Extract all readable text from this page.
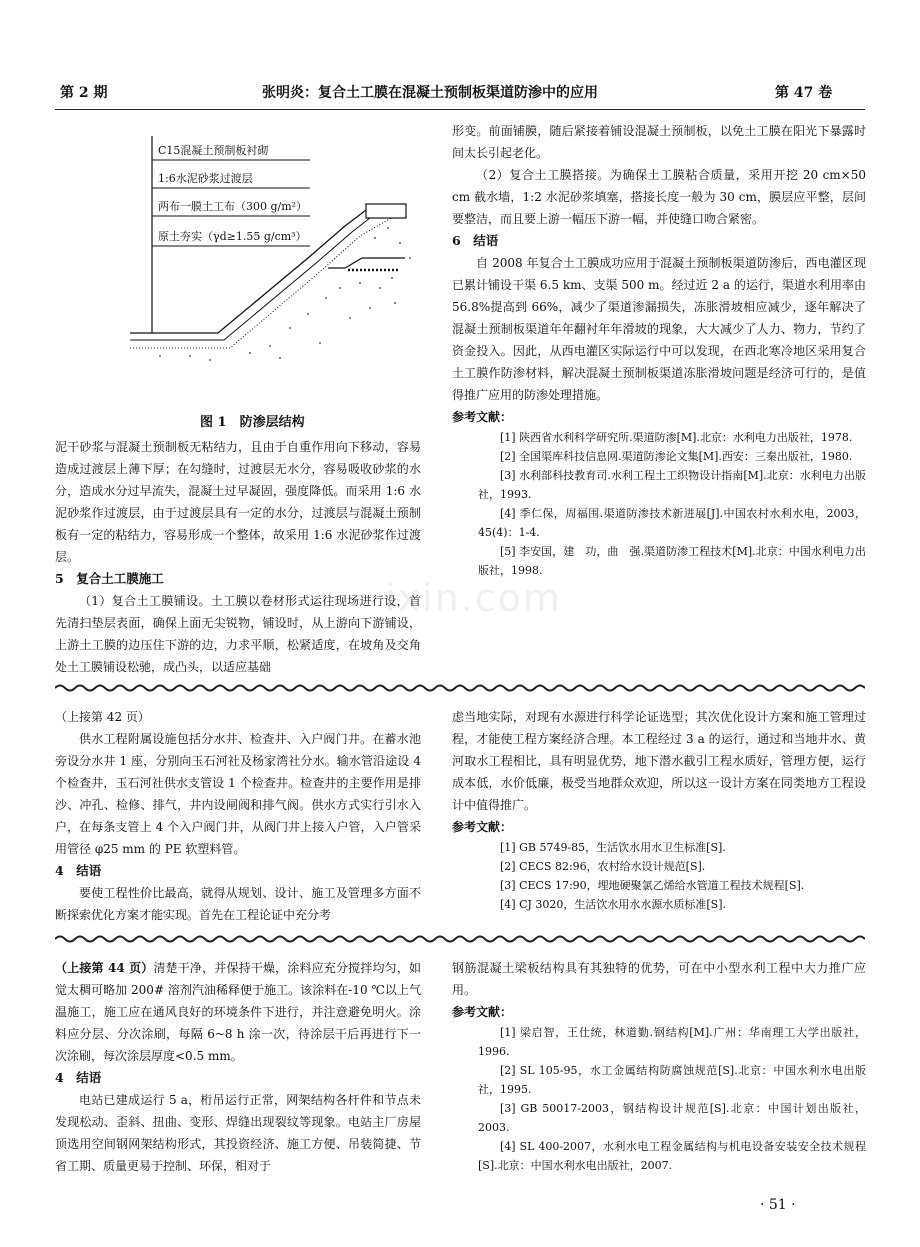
第 2 期	张明炎：复合土工膜在混凝土预制板渠道防渗中的应用	第 47 卷
C15混凝土预制板衬砌
1:6水泥砂浆过渡层
两布一膜土工布（300 g/m²）
原土夯实（γd≥1.55 g/cm³）
图 1　防渗层结构

泥干砂浆与混凝土预制板无粘结力，且由于自重作用向下移动，容易造成过渡层上薄下厚；在勾缝时，过渡层无水分，容易吸收砂浆的水分，造成水分过早流失，混凝土过早凝固，强度降低。而采用 1:6 水泥砂浆作过渡层，由于过渡层具有一定的水分，过渡层与混凝土预制板有一定的粘结力，容易形成一个整体，故采用 1:6 水泥砂浆作过渡层。

5　复合土工膜施工

（1）复合土工膜铺设。土工膜以卷材形式运往现场进行设，首先清扫垫层表面，确保上面无尖锐物，铺设时，从上游向下游铺设，上游土工膜的边压住下游的边，力求平顺，松紧适度，在坡角及交角处土工膜铺设松驰，成凸头，以适应基础

形变。前面铺膜，随后紧接着铺设混凝土预制板，以免土工膜在阳光下暴露时间太长引起老化。

（2）复合土工膜搭接。为确保土工膜粘合质量，采用开挖 20 cm×50 cm 截水墙，1:2 水泥砂浆填塞，搭接长度一般为 30 cm，膜层应平整，层间要整洁，而且要上游一幅压下游一幅，并使缝口吻合紧密。

6　结语

自 2008 年复合土工膜成功应用于混凝土预制板渠道防渗后，西电灌区现已累计铺设干渠 6.5 km、支渠 500 m。经过近 2 a 的运行，渠道水利用率由 56.8%提高到 66%，减少了渠道渗漏损失，冻胀滑坡相应减少，逐年解决了混凝土预制板渠道年年翻衬年年滑坡的现象，大大减少了人力、物力，节约了资金投入。因此，从西电灌区实际运行中可以发现，在西北寒冷地区采用复合土工膜作防渗材料，解决混凝土预制板渠道冻胀滑坡问题是经济可行的，是值得推广应用的防渗处理措施。

参考文献：

[1] 陕西省水利科学研究所.渠道防渗[M].北京：水利电力出版社，1978.

[2] 全国渠库科技信息网.渠道防渗论文集[M].西安：三秦出版社，1980.

[3] 水利部科技教育司.水利工程土工织物设计指南[M].北京：水利电力出版社，1993.

[4] 季仁保，周福围.渠道防渗技术新进展[J].中国农村水利水电，2003，45(4)：1-4.

[5] 李安国，建　功，曲　强.渠道防渗工程技术[M].北京：中国水利电力出版社，1998.

（上接第 42 页）

供水工程附属设施包括分水井、检查井、入户阀门井。在蓄水池旁设分水井 1 座，分别向玉石河社及杨家湾社分水。输水管沿途设 4 个检查井，玉石河社供水支管设 1 个检查井。检查井的主要作用是排沙、冲孔、检修、排气，井内设闸阀和排气阀。供水方式实行引水入户，在每条支管上 4 个入户阀门井，从阀门井上接入户管，入户管采用管径 φ25 mm 的 PE 软塑料管。

4　结语

要使工程性价比最高，就得从规划、设计、施工及管理多方面不断探索优化方案才能实现。首先在工程论证中充分考

虑当地实际，对现有水源进行科学论证选型；其次优化设计方案和施工管理过程，才能使工程方案经济合理。本工程经过 3 a 的运行，通过和当地井水、黄河取水工程相比，具有明显优势，地下潜水截引工程水质好，管理方便，运行成本低，水价低廉，极受当地群众欢迎，所以这一设计方案在同类地方工程设计中值得推广。

参考文献：

[1] GB 5749-85，生活饮水用水卫生标准[S].

[2] CECS 82:96，农村给水设计规范[S].

[3] CECS 17:90，埋地硬聚氯乙烯给水管道工程技术规程[S].

[4] CJ 3020，生活饮水用水水源水质标准[S].

（上接第 44 页）清楚干净，并保持干燥，涂料应充分搅拌均匀，如觉太稠可略加 200# 溶剂汽油稀释便于施工。该涂料在-10 ℃以上气温施工，施工应在通风良好的环境条件下进行，并注意避免明火。涂料应分层、分次涂刷，每隔 6~8 h 涂一次，待涂层干后再进行下一次涂刷，每次涂层厚度<0.5 mm。

4　结语

电站已建成运行 5 a，桁吊运行正常，网架结构各杆件和节点未发现松动、歪斜、扭曲、变形、焊缝出现裂纹等现象。电站主厂房屋顶选用空间钢网架结构形式，其投资经济、施工方便、吊装简捷、节省工期、质量更易于控制、环保，相对于

钢筋混凝土梁板结构具有其独特的优势，可在中小型水利工程中大力推广应用。

参考文献：

[1] 梁启智，王仕统，林道勤.钢结构[M].广州：华南理工大学出版社，1996.

[2] SL 105-95，水工金属结构防腐蚀规范[S].北京：中国水利水电出版社，1995.

[3] GB 50017-2003，钢结构设计规范[S].北京：中国计划出版社，2003.

[4] SL 400-2007，水利水电工程金属结构与机电设备安装安全技术规程[S].北京：中国水利水电出版社，2007.

ixin.com
· 51 ·
